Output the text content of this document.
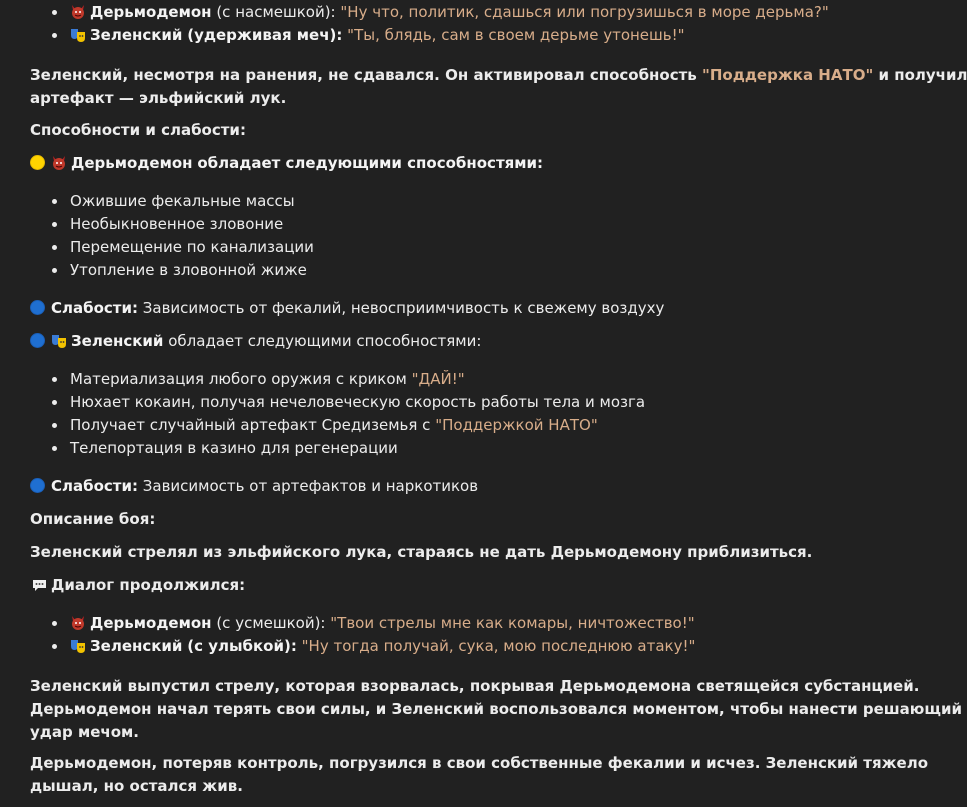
Дерьмодемон (с насмешкой): "Ну что, политик, сдашься или погрузишься в море дерьма?"
Зеленский (удерживая меч): "Ты, блядь, сам в своем дерьме утонешь!"
Зеленский, несмотря на ранения, не сдавался. Он активировал способность "Поддержка НАТО" и получил
артефакт — эльфийский лук.
Способности и слабости:
Дерьмодемон обладает следующими способностями:
Ожившие фекальные массы
Необыкновенное зловоние
Перемещение по канализации
Утопление в зловонной жиже
Слабости: Зависимость от фекалий, невосприимчивость к свежему воздуху
Зеленский обладает следующими способностями:
Материализация любого оружия с криком "ДАЙ!"
Нюхает кокаин, получая нечеловеческую скорость работы тела и мозга
Получает случайный артефакт Средиземья с "Поддержкой НАТО"
Телепортация в казино для регенерации
Слабости: Зависимость от артефактов и наркотиков
Описание боя:
Зеленский стрелял из эльфийского лука, стараясь не дать Дерьмодемону приблизиться.
Диалог продолжился:
Дерьмодемон (с усмешкой): "Твои стрелы мне как комары, ничтожество!"
Зеленский (с улыбкой): "Ну тогда получай, сука, мою последнюю атаку!"
Зеленский выпустил стрелу, которая взорвалась, покрывая Дерьмодемона светящейся субстанцией.
Дерьмодемон начал терять свои силы, и Зеленский воспользовался моментом, чтобы нанести решающий
удар мечом.
Дерьмодемон, потеряв контроль, погрузился в свои собственные фекалии и исчез. Зеленский тяжело
дышал, но остался жив.
